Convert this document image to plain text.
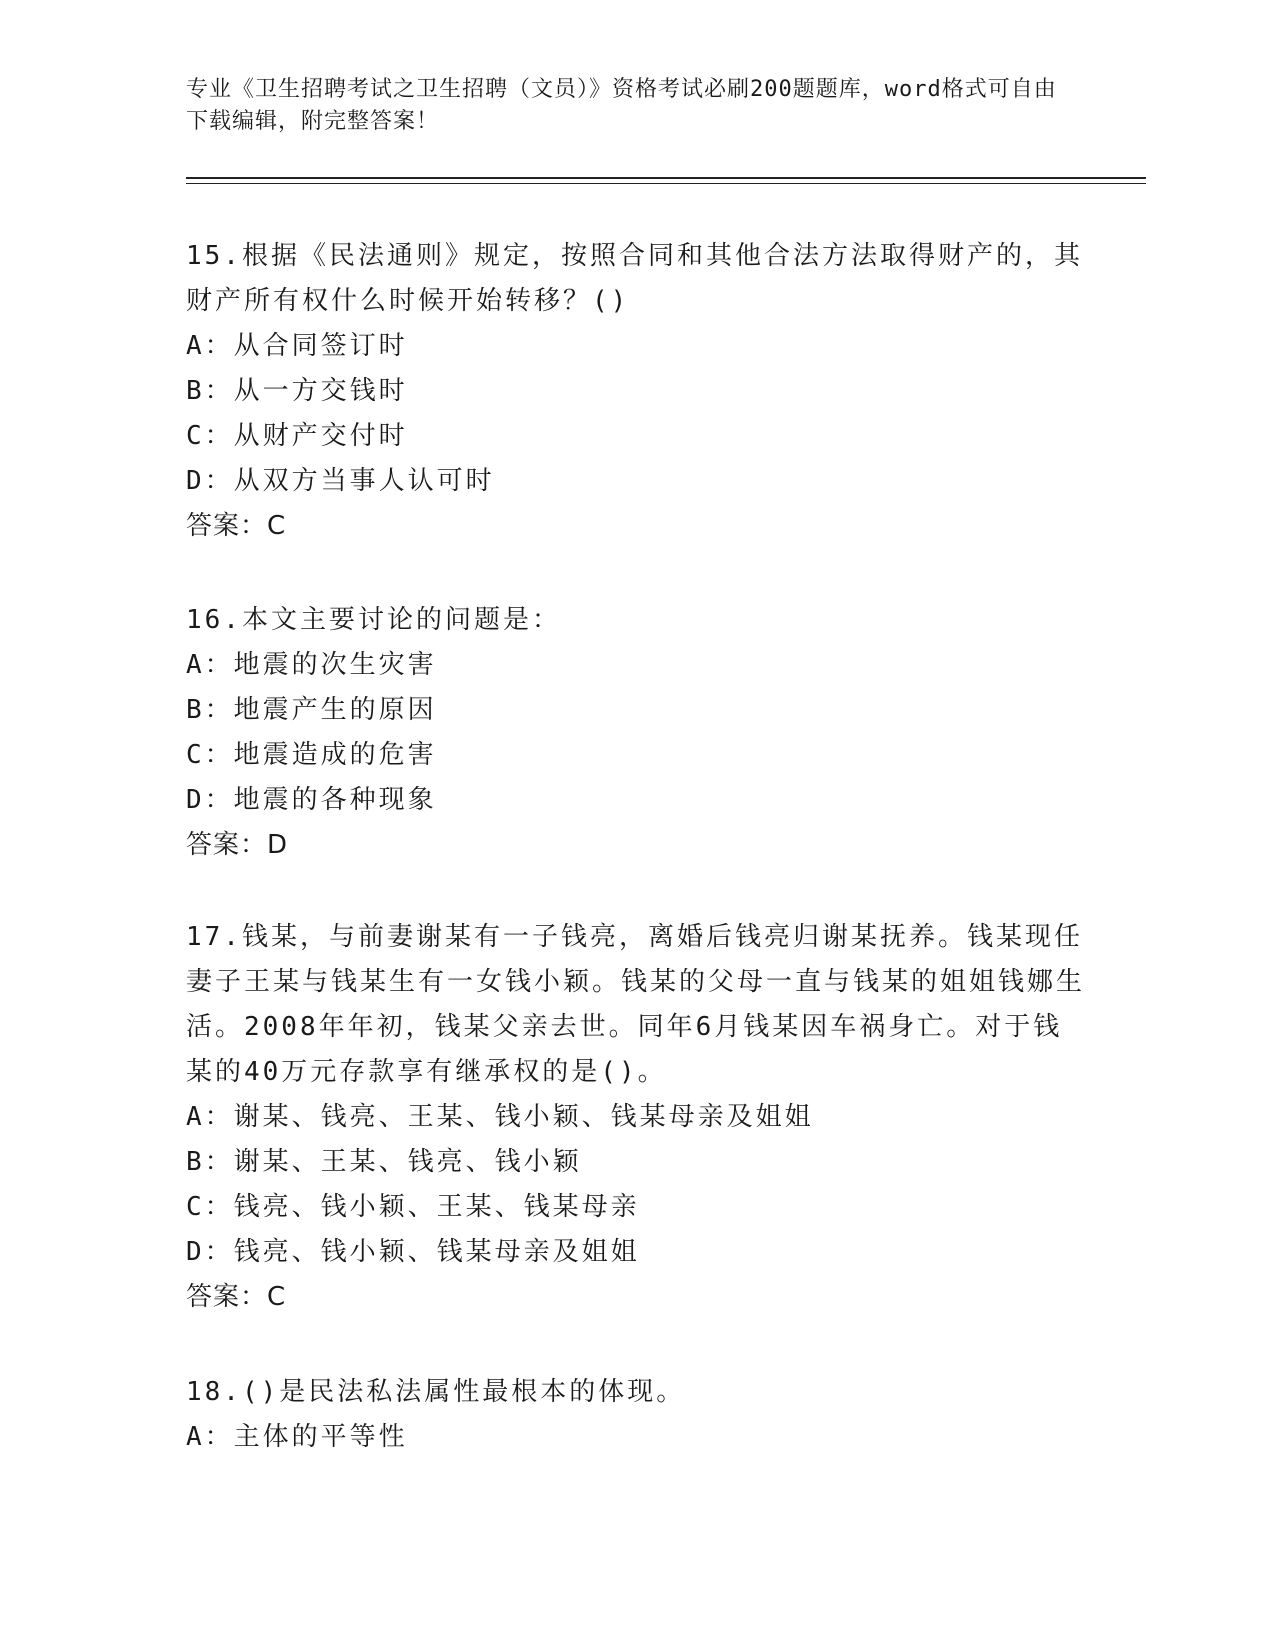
专业《卫生招聘考试之卫生招聘（文员）》资格考试必刷200题题库，word格式可自由下载编辑，附完整答案！
15.根据《民法通则》规定，按照合同和其他合法方法取得财产的，其财产所有权什么时候开始转移？()
A：从合同签订时
B：从一方交钱时
C：从财产交付时
D：从双方当事人认可时
答案：C
16.本文主要讨论的问题是：
A：地震的次生灾害
B：地震产生的原因
C：地震造成的危害
D：地震的各种现象
答案：D
17.钱某，与前妻谢某有一子钱亮，离婚后钱亮归谢某抚养。钱某现任妻子王某与钱某生有一女钱小颖。钱某的父母一直与钱某的姐姐钱娜生活。2008年年初，钱某父亲去世。同年6月钱某因车祸身亡。对于钱某的40万元存款享有继承权的是()。
A：谢某、钱亮、王某、钱小颖、钱某母亲及姐姐
B：谢某、王某、钱亮、钱小颖
C：钱亮、钱小颖、王某、钱某母亲
D：钱亮、钱小颖、钱某母亲及姐姐
答案：C
18.()是民法私法属性最根本的体现。
A：主体的平等性
